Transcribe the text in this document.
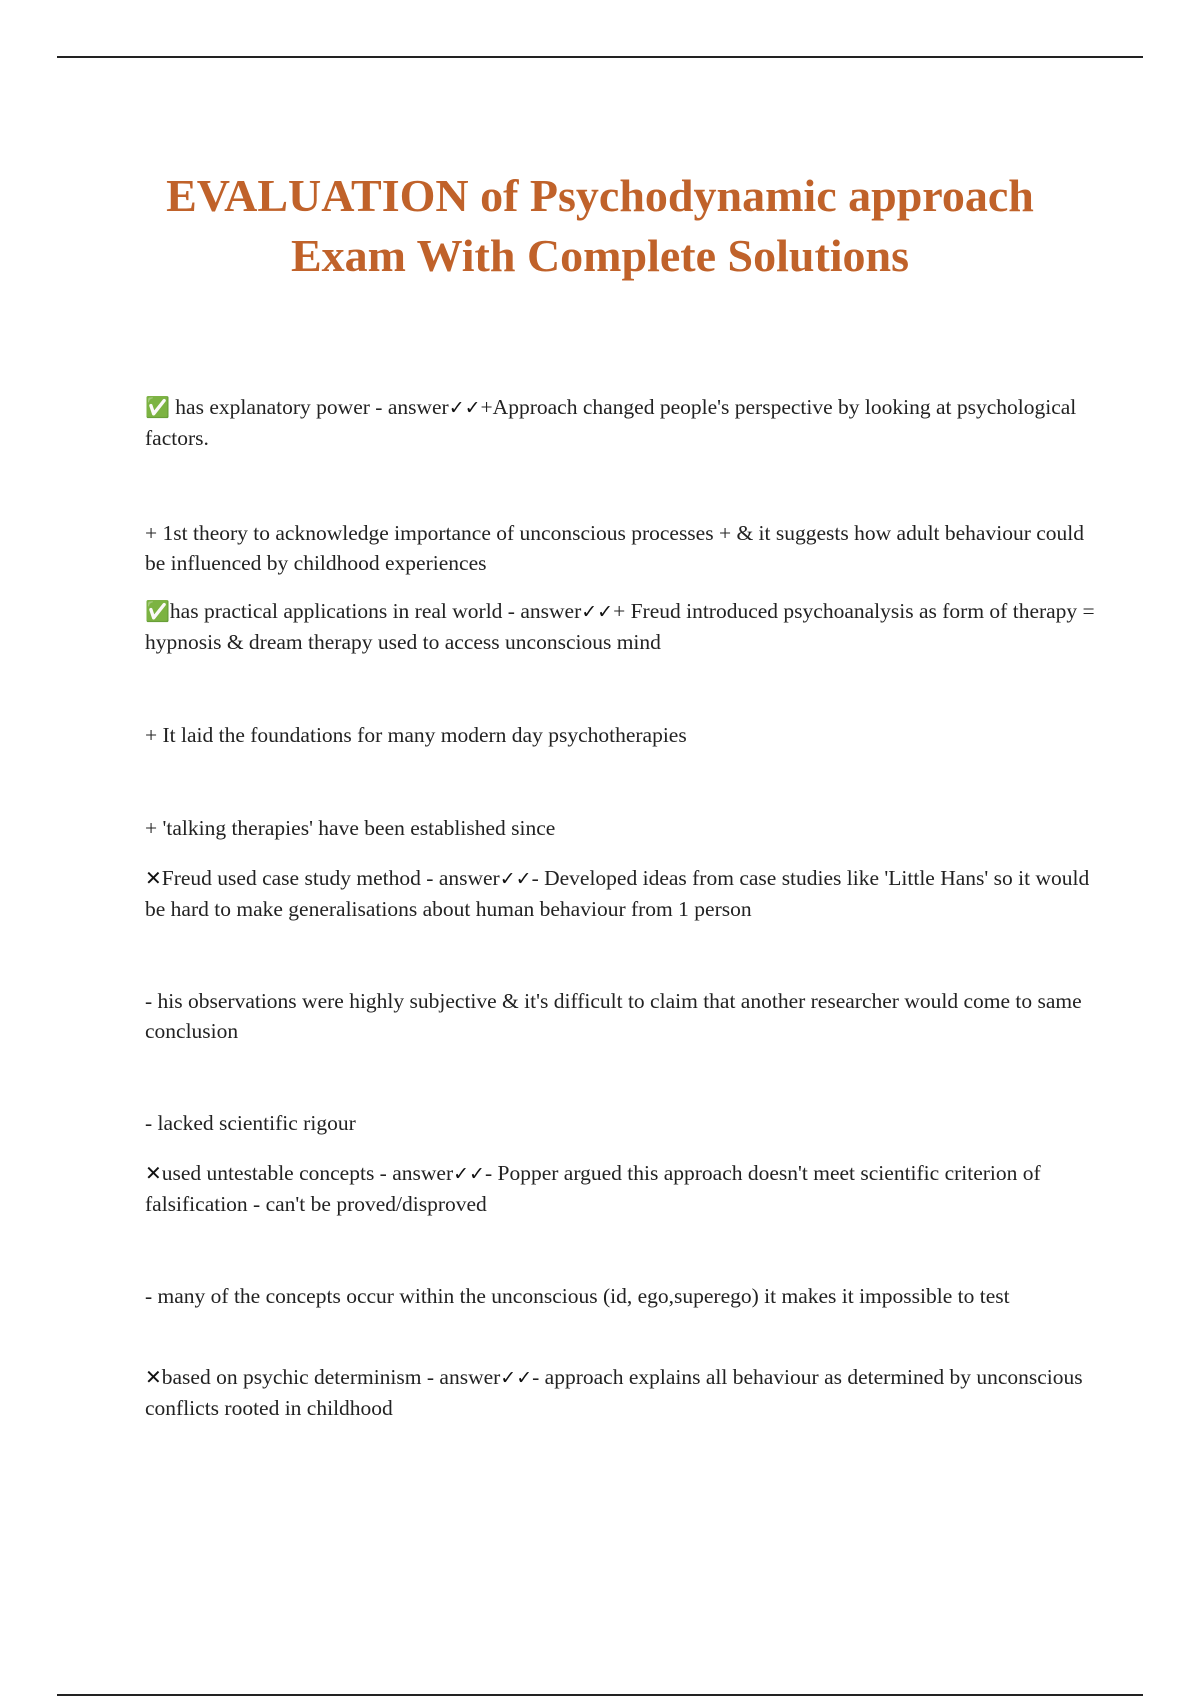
EVALUATION of Psychodynamic approach
Exam With Complete Solutions

✅ has explanatory power - answer✓✓+Approach changed people's perspective by looking at psychological factors.

+ 1st theory to acknowledge importance of unconscious processes + & it suggests how adult behaviour could be influenced by childhood experiences

✅has practical applications in real world - answer✓✓+ Freud introduced psychoanalysis as form of therapy = hypnosis & dream therapy used to access unconscious mind

+ It laid the foundations for many modern day psychotherapies

+ 'talking therapies' have been established since

✕Freud used case study method - answer✓✓- Developed ideas from case studies like 'Little Hans' so it would be hard to make generalisations about human behaviour from 1 person

- his observations were highly subjective & it's difficult to claim that another researcher would come to same conclusion

- lacked scientific rigour

✕used untestable concepts - answer✓✓- Popper argued this approach doesn't meet scientific criterion of falsification - can't be proved/disproved

- many of the concepts occur within the unconscious (id, ego,superego) it makes it impossible to test

✕based on psychic determinism - answer✓✓- approach explains all behaviour as determined by unconscious conflicts rooted in childhood
